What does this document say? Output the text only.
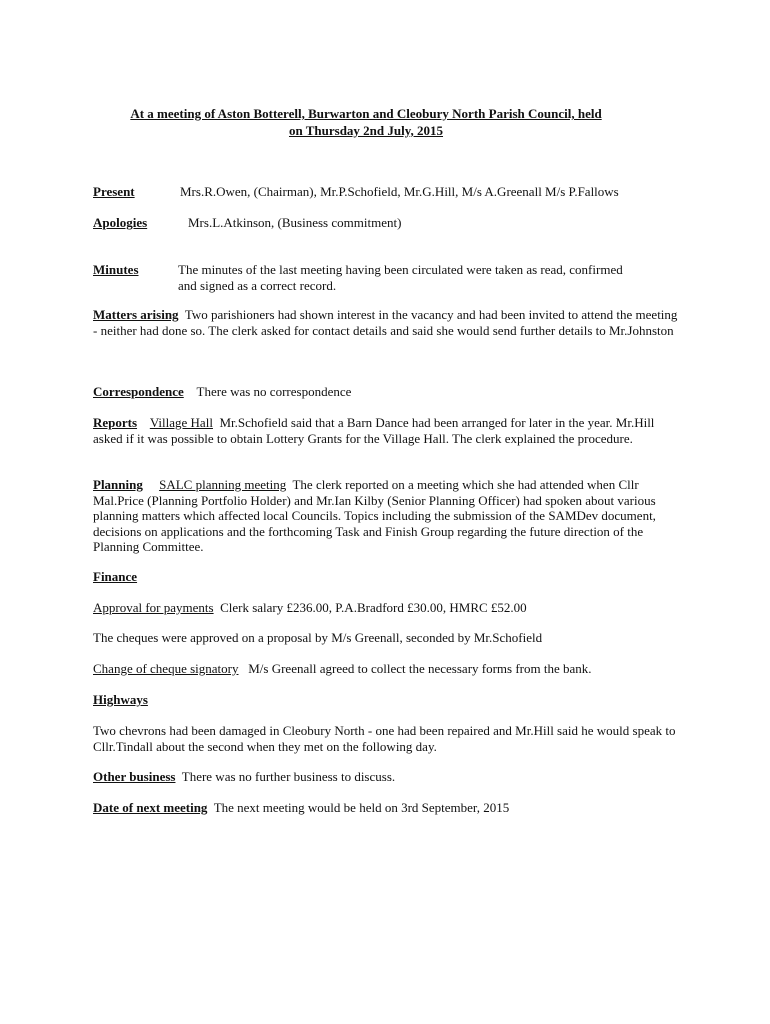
At a meeting of Aston Botterell, Burwarton and Cleobury North Parish Council, held
on Thursday 2nd July, 2015
Present	Mrs.R.Owen, (Chairman), Mr.P.Schofield, Mr.G.Hill, M/s A.Greenall M/s P.Fallows
Apologies	Mrs.L.Atkinson, (Business commitment)
Minutes	The minutes of the last meeting having been circulated were taken as read, confirmed
and signed as a correct record.
Matters arising Two parishioners had shown interest in the vacancy and had been invited to attend the meeting - neither had done so. The clerk asked for contact details and said she would send further details to Mr.Johnston
Correspondence There was no correspondence
Reports Village Hall Mr.Schofield said that a Barn Dance had been arranged for later in the year. Mr.Hill asked if it was possible to obtain Lottery Grants for the Village Hall. The clerk explained the procedure.
Planning SALC planning meeting The clerk reported on a meeting which she had attended when Cllr Mal.Price (Planning Portfolio Holder) and Mr.Ian Kilby (Senior Planning Officer) had spoken about various planning matters which affected local Councils. Topics including the submission of the SAMDev document, decisions on applications and the forthcoming Task and Finish Group regarding the future direction of the Planning Committee.
Finance
Approval for payments Clerk salary £236.00, P.A.Bradford £30.00, HMRC £52.00
The cheques were approved on a proposal by M/s Greenall, seconded by Mr.Schofield
Change of cheque signatory M/s Greenall agreed to collect the necessary forms from the bank.
Highways
Two chevrons had been damaged in Cleobury North - one had been repaired and Mr.Hill said he would speak to Cllr.Tindall about the second when they met on the following day.
Other business There was no further business to discuss.
Date of next meeting The next meeting would be held on 3rd September, 2015
